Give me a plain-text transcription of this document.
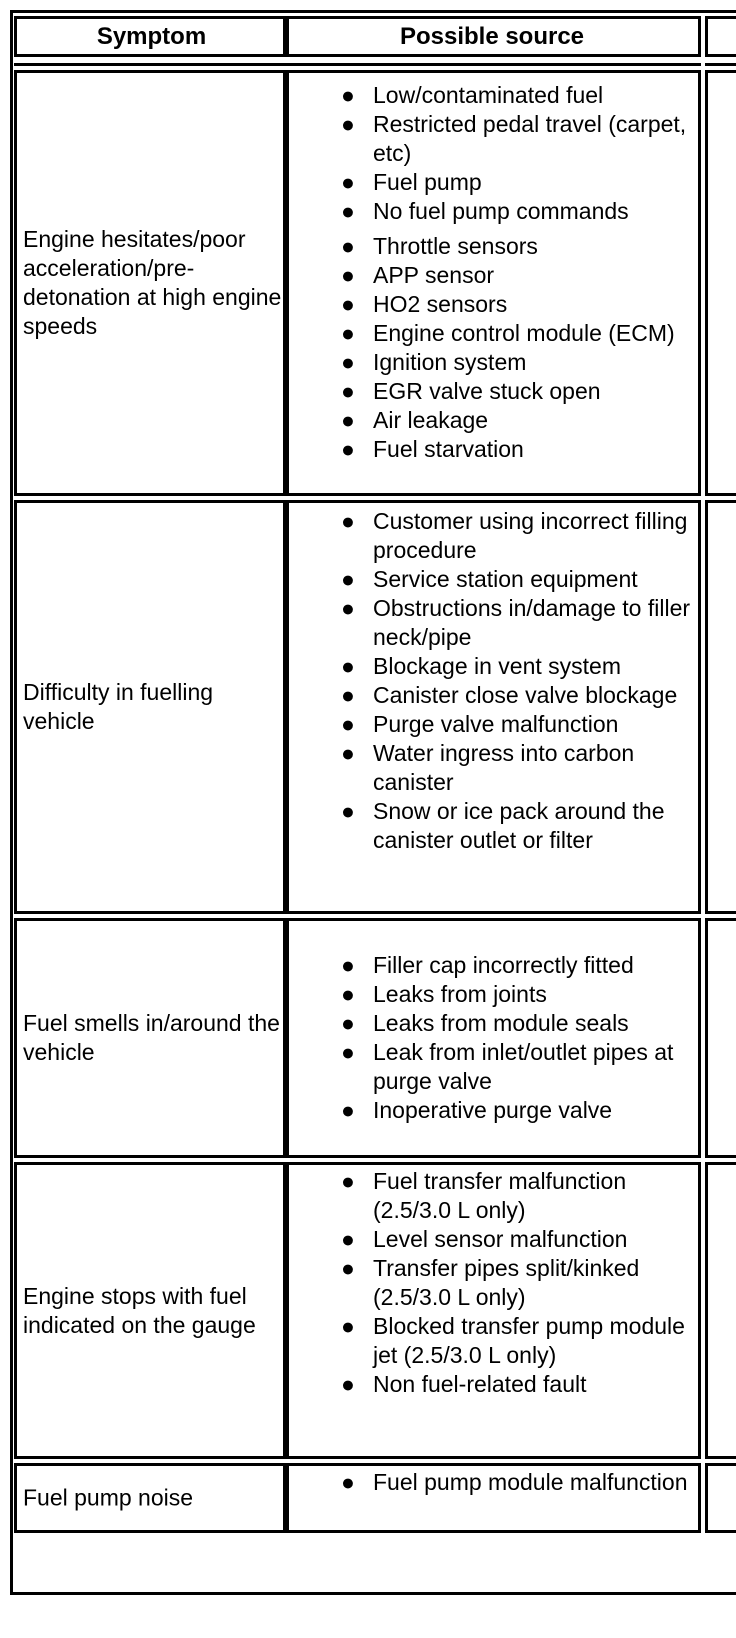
Symptom	Possible source
Engine hesitates/poor acceleration/pre-detonation at high engine speeds
● Low/contaminated fuel
● Restricted pedal travel (carpet, etc)
● Fuel pump
● No fuel pump commands
● Throttle sensors
● APP sensor
● HO2 sensors
● Engine control module (ECM)
● Ignition system
● EGR valve stuck open
● Air leakage
● Fuel starvation
Difficulty in fuelling vehicle
● Customer using incorrect filling procedure
● Service station equipment
● Obstructions in/damage to filler neck/pipe
● Blockage in vent system
● Canister close valve blockage
● Purge valve malfunction
● Water ingress into carbon canister
● Snow or ice pack around the canister outlet or filter
Fuel smells in/around the vehicle
● Filler cap incorrectly fitted
● Leaks from joints
● Leaks from module seals
● Leak from inlet/outlet pipes at purge valve
● Inoperative purge valve
Engine stops with fuel indicated on the gauge
● Fuel transfer malfunction (2.5/3.0 L only)
● Level sensor malfunction
● Transfer pipes split/kinked (2.5/3.0 L only)
● Blocked transfer pump module jet (2.5/3.0 L only)
● Non fuel-related fault
Fuel pump noise
● Fuel pump module malfunction
